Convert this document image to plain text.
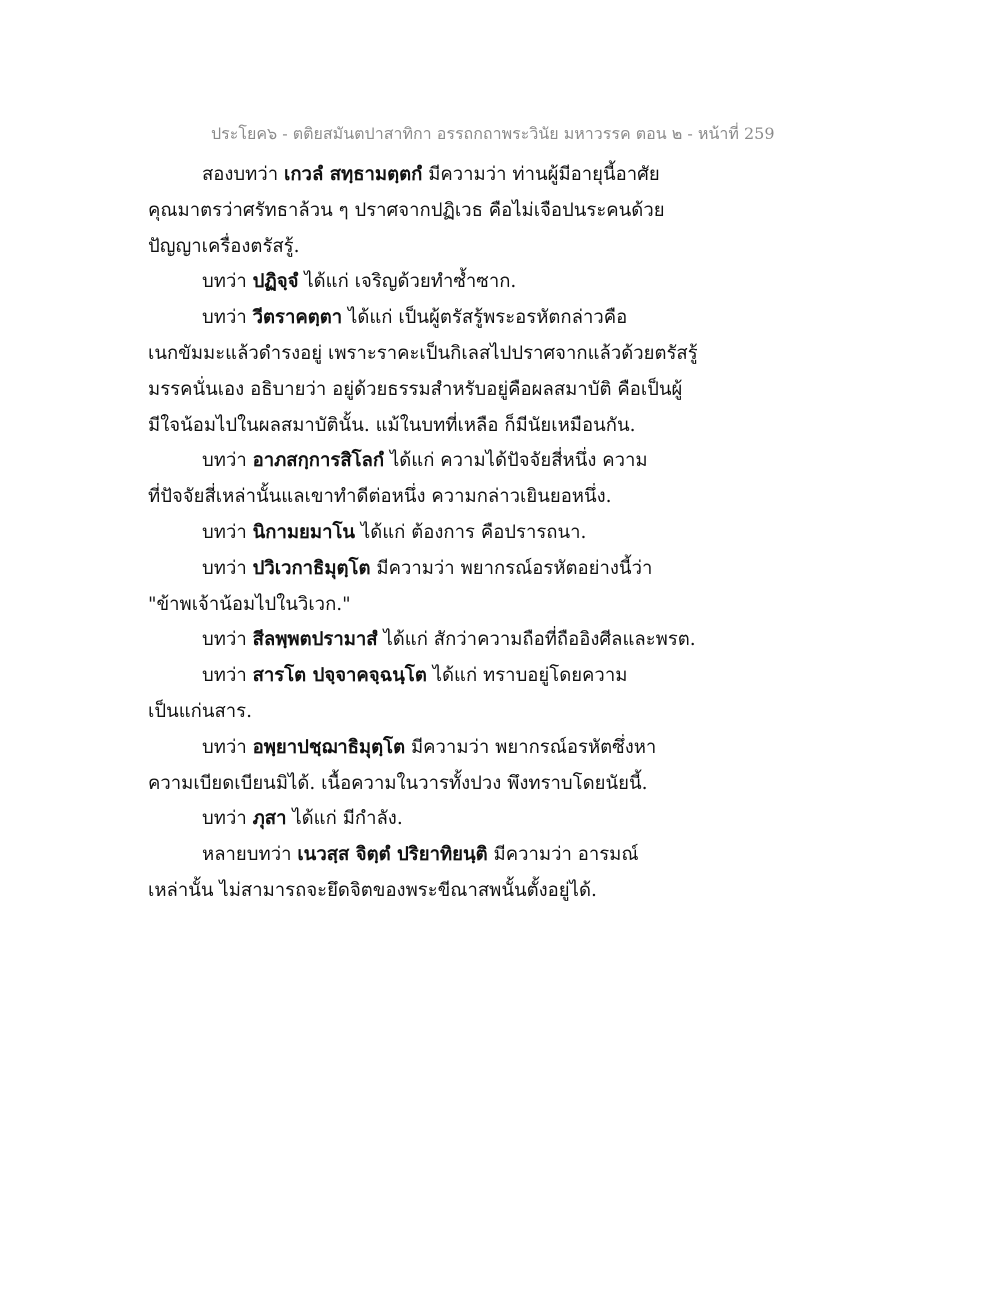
ประโยค๖ - ตติยสมันตปาสาทิกา อรรถกถาพระวินัย มหาวรรค ตอน ๒ - หน้าที่ 259
สองบทว่า เกวลํ สทฺธามตฺตกํ มีความว่า ท่านผู้มีอายุนี้อาศัย
คุณมาตรว่าศรัทธาล้วน ๆ ปราศจากปฏิเวธ คือไม่เจือปนระคนด้วย
ปัญญาเครื่องตรัสรู้.
บทว่า ปฏิจฺจํ ได้แก่ เจริญด้วยทำซ้ำซาก.
บทว่า วีตราคตฺตา ได้แก่ เป็นผู้ตรัสรู้พระอรหัตกล่าวคือ
เนกขัมมะแล้วดำรงอยู่ เพราะราคะเป็นกิเลสไปปราศจากแล้วด้วยตรัสรู้
มรรคนั่นเอง อธิบายว่า อยู่ด้วยธรรมสำหรับอยู่คือผลสมาบัติ คือเป็นผู้
มีใจน้อมไปในผลสมาบัตินั้น. แม้ในบทที่เหลือ ก็มีนัยเหมือนกัน.
บทว่า อาภสกฺการสิโลกํ ได้แก่ ความได้ปัจจัยสี่หนึ่ง ความ
ที่ปัจจัยสี่เหล่านั้นแลเขาทำดีต่อหนึ่ง ความกล่าวเยินยอหนึ่ง.
บทว่า นิกามยมาโน ได้แก่ ต้องการ คือปรารถนา.
บทว่า ปวิเวกาธิมุตฺโต มีความว่า พยากรณ์อรหัตอย่างนี้ว่า
"ข้าพเจ้าน้อมไปในวิเวก."
บทว่า สีลพฺพตปรามาสํ ได้แก่ สักว่าความถือที่ถืออิงศีลและพรต.
บทว่า สารโต ปจฺจาคจฺฉนฺโต ได้แก่ ทราบอยู่โดยความ
เป็นแก่นสาร.
บทว่า อพฺยาปชฺฌาธิมุตฺโต มีความว่า พยากรณ์อรหัตซึ่งหา
ความเบียดเบียนมิได้. เนื้อความในวารทั้งปวง พึงทราบโดยนัยนี้.
บทว่า ภุสา ได้แก่ มีกำลัง.
หลายบทว่า เนวสฺส จิตฺตํ ปริยาทิยนฺติ มีความว่า อารมณ์
เหล่านั้น ไม่สามารถจะยึดจิตของพระขีณาสพนั้นตั้งอยู่ได้.
